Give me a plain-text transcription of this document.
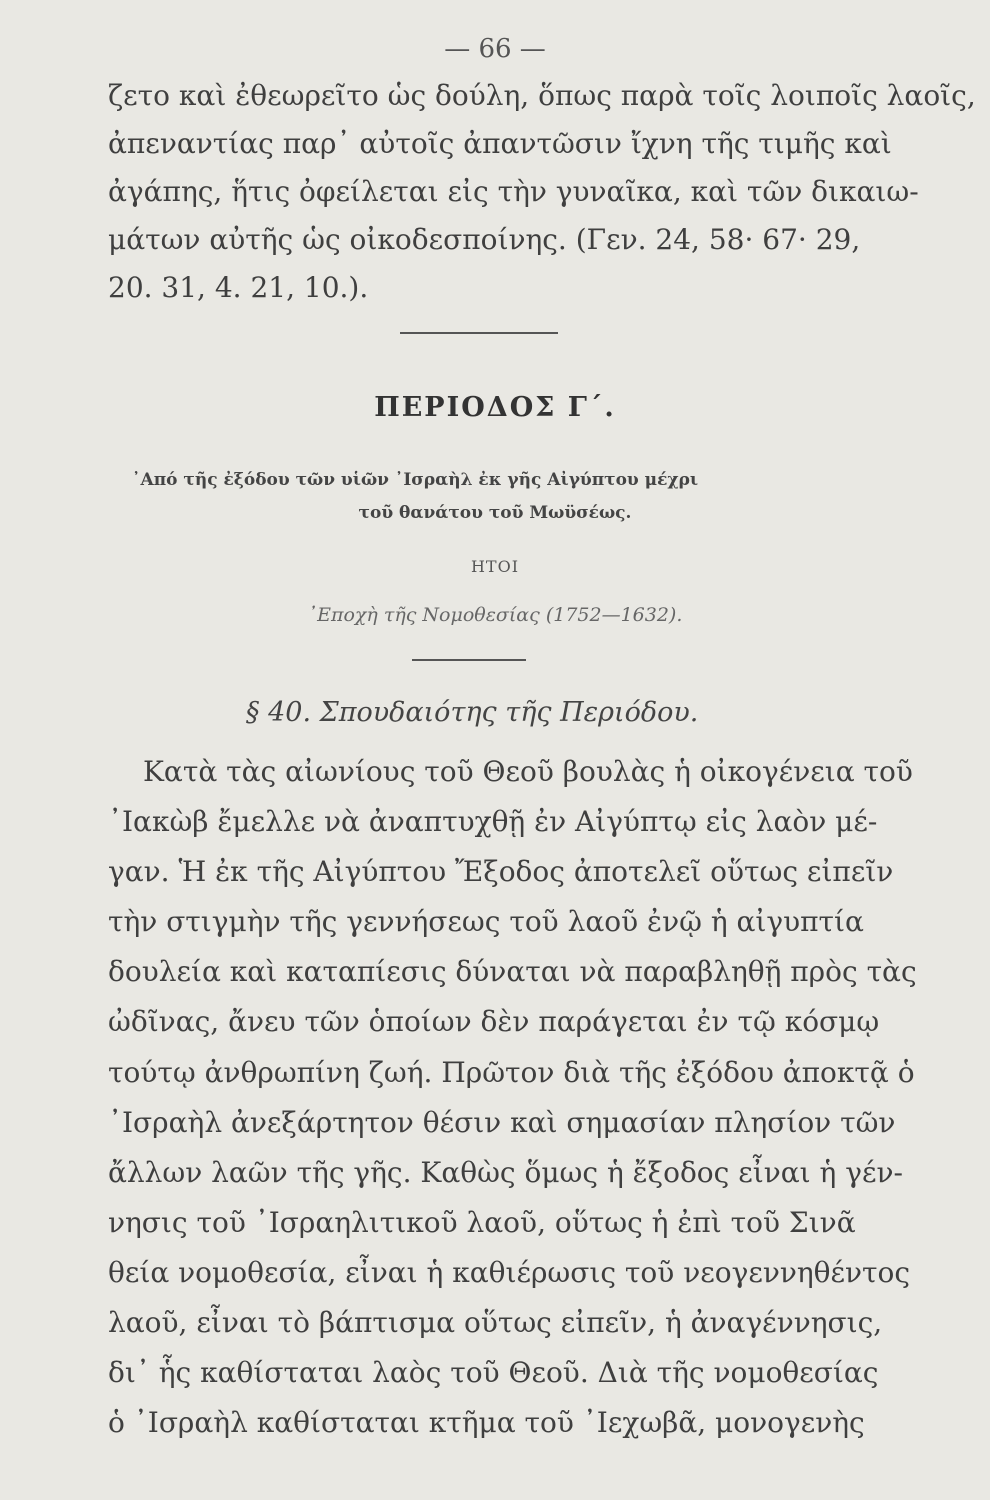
— 66 —
ζετο καὶ ἐθεωρεῖτο ὡς δούλη, ὅπως παρὰ τοῖς λοιποῖς λαοῖς,
ἀπεναντίας παρ᾽ αὐτοῖς ἀπαντῶσιν ἴχνη τῆς τιμῆς καὶ
ἀγάπης, ἥτις ὀφείλεται εἰς τὴν γυναῖκα, καὶ τῶν δικαιω-
μάτων αὐτῆς ὡς οἰκοδεσποίνης. (Γεν. 24, 58· 67· 29,
20. 31, 4. 21, 10.).
ΠΕΡΙΟΔΟΣ Γ΄.
᾿Από τῆς ἐξόδου τῶν υἱῶν ᾿Ισραὴλ ἐκ γῆς Αἰγύπτου μέχρι
τοῦ θανάτου τοῦ Μωϋσέως.
ΗΤΟΙ
᾿Εποχὴ τῆς Νομοθεσίας (1752—1632).
§ 40. Σπουδαιότης τῆς Περιόδου.
Κατὰ τὰς αἰωνίους τοῦ Θεοῦ βουλὰς ἡ οἰκογένεια τοῦ
᾿Ιακὼβ ἔμελλε νὰ ἀναπτυχθῇ ἐν Αἰγύπτῳ εἰς λαὸν μέ-
γαν. Ἡ ἐκ τῆς Αἰγύπτου Ἔξοδος ἀποτελεῖ οὕτως εἰπεῖν
τὴν στιγμὴν τῆς γεννήσεως τοῦ λαοῦ ἐνῷ ἡ αἰγυπτία
δουλεία καὶ καταπίεσις δύναται νὰ παραβληθῇ πρὸς τὰς
ὠδῖνας, ἄνευ τῶν ὁποίων δὲν παράγεται ἐν τῷ κόσμῳ
τούτῳ ἀνθρωπίνη ζωή. Πρῶτον διὰ τῆς ἐξόδου ἀποκτᾷ ὁ
᾿Ισραὴλ ἀνεξάρτητον θέσιν καὶ σημασίαν πλησίον τῶν
ἄλλων λαῶν τῆς γῆς. Καθὼς ὅμως ἡ ἔξοδος εἶναι ἡ γέν-
νησις τοῦ ᾿Ισραηλιτικοῦ λαοῦ, οὕτως ἡ ἐπὶ τοῦ Σινᾶ
θεία νομοθεσία, εἶναι ἡ καθιέρωσις τοῦ νεογεννηθέντος
λαοῦ, εἶναι τὸ βάπτισμα οὕτως εἰπεῖν, ἡ ἀναγέννησις,
δι᾽ ἧς καθίσταται λαὸς τοῦ Θεοῦ. Διὰ τῆς νομοθεσίας
ὁ ᾿Ισραὴλ καθίσταται κτῆμα τοῦ ᾿Ιεχωβᾶ, μονογενὴς
